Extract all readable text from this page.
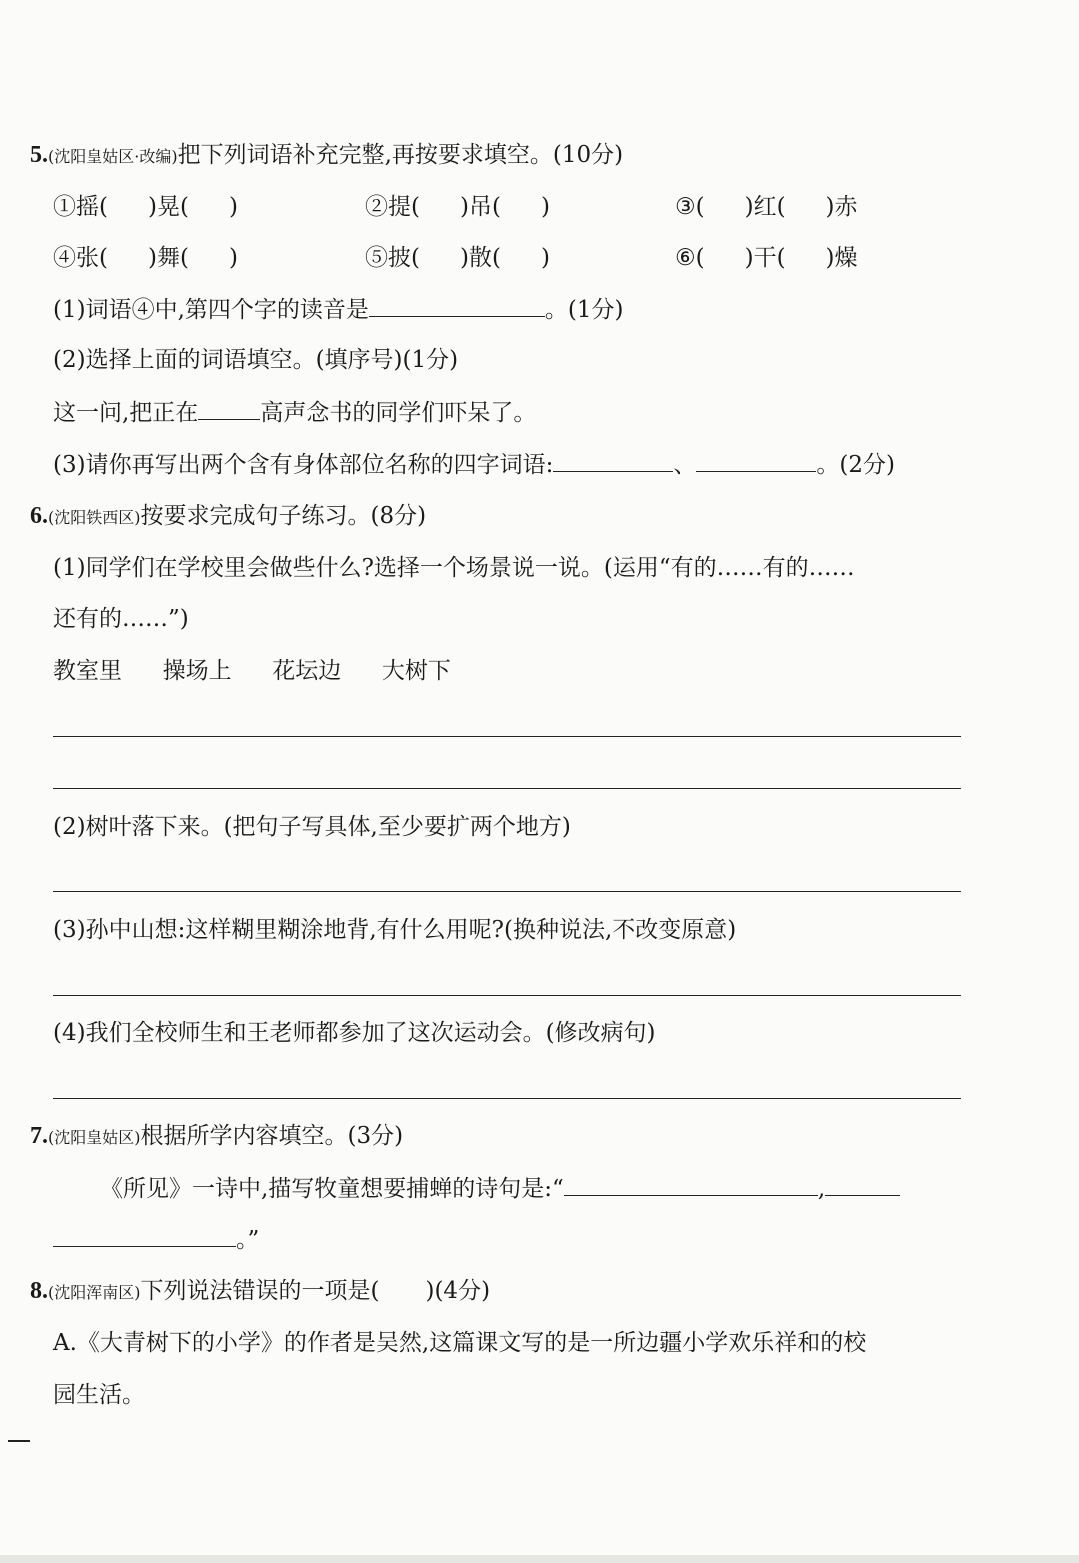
5.(沈阳皇姑区·改编)把下列词语补充完整,再按要求填空。(10分)
①摇( )晃( )	②提( )吊( )	③( )红( )赤
④张( )舞( )	⑤披( )散( )	⑥( )干( )燥
(1)词语④中,第四个字的读音是	。(1分)
(2)选择上面的词语填空。(填序号)(1分)
这一问,把正在	高声念书的同学们吓呆了。
(3)请你再写出两个含有身体部位名称的四字词语:	、	。(2分)
6.(沈阳铁西区)按要求完成句子练习。(8分)
(1)同学们在学校里会做些什么?选择一个场景说一说。(运用“有的……有的……
还有的……”)
教室里 操场上 花坛边 大树下
(2)树叶落下来。(把句子写具体,至少要扩两个地方)
(3)孙中山想:这样糊里糊涂地背,有什么用呢?(换种说法,不改变原意)
(4)我们全校师生和王老师都参加了这次运动会。(修改病句)
7.(沈阳皇姑区)根据所学内容填空。(3分)
《所见》一诗中,描写牧童想要捕蝉的诗句是:“	,
。”
8.(沈阳浑南区)下列说法错误的一项是( )(4分)
A.《大青树下的小学》的作者是吴然,这篇课文写的是一所边疆小学欢乐祥和的校
园生活。
